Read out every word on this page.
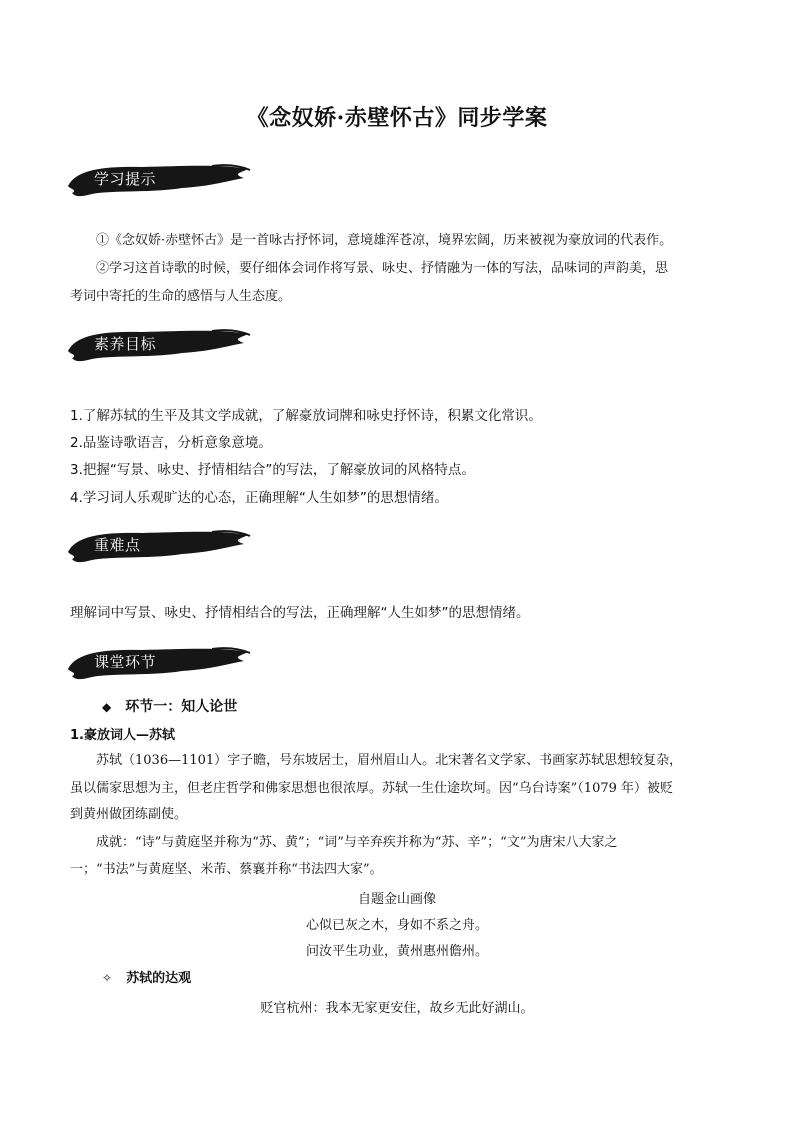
《念奴娇·赤壁怀古》同步学案
学习提示
①《念奴娇·赤壁怀古》是一首咏古抒怀词，意境雄浑苍凉，境界宏阔，历来被视为豪放词的代表作。
②学习这首诗歌的时候，要仔细体会词作将写景、咏史、抒情融为一体的写法，品味词的声韵美，思
考词中寄托的生命的感悟与人生态度。
素养目标
1.了解苏轼的生平及其文学成就，了解豪放词牌和咏史抒怀诗，积累文化常识。
2.品鉴诗歌语言，分析意象意境。
3.把握“写景、咏史、抒情相结合”的写法，了解豪放词的风格特点。
4.学习词人乐观旷达的心态，正确理解“人生如梦”的思想情绪。
重难点
理解词中写景、咏史、抒情相结合的写法，正确理解“人生如梦”的思想情绪。
课堂环节
◆ 环节一：知人论世
1.豪放词人—苏轼
苏轼（1036—1101）字子瞻，号东坡居士，眉州眉山人。北宋著名文学家、书画家苏轼思想较复杂，
虽以儒家思想为主，但老庄哲学和佛家思想也很浓厚。苏轼一生仕途坎坷。因“乌台诗案”（1079 年）被贬
到黄州做团练副使。
成就：“诗”与黄庭坚并称为“苏、黄”；“词”与辛弃疾并称为“苏、辛”；“文”为唐宋八大家之
一；“书法”与黄庭坚、米芾、蔡襄并称“书法四大家”。
自题金山画像
心似已灰之木，身如不系之舟。
问汝平生功业，黄州惠州儋州。
✧ 苏轼的达观
贬官杭州：我本无家更安住，故乡无此好湖山。
